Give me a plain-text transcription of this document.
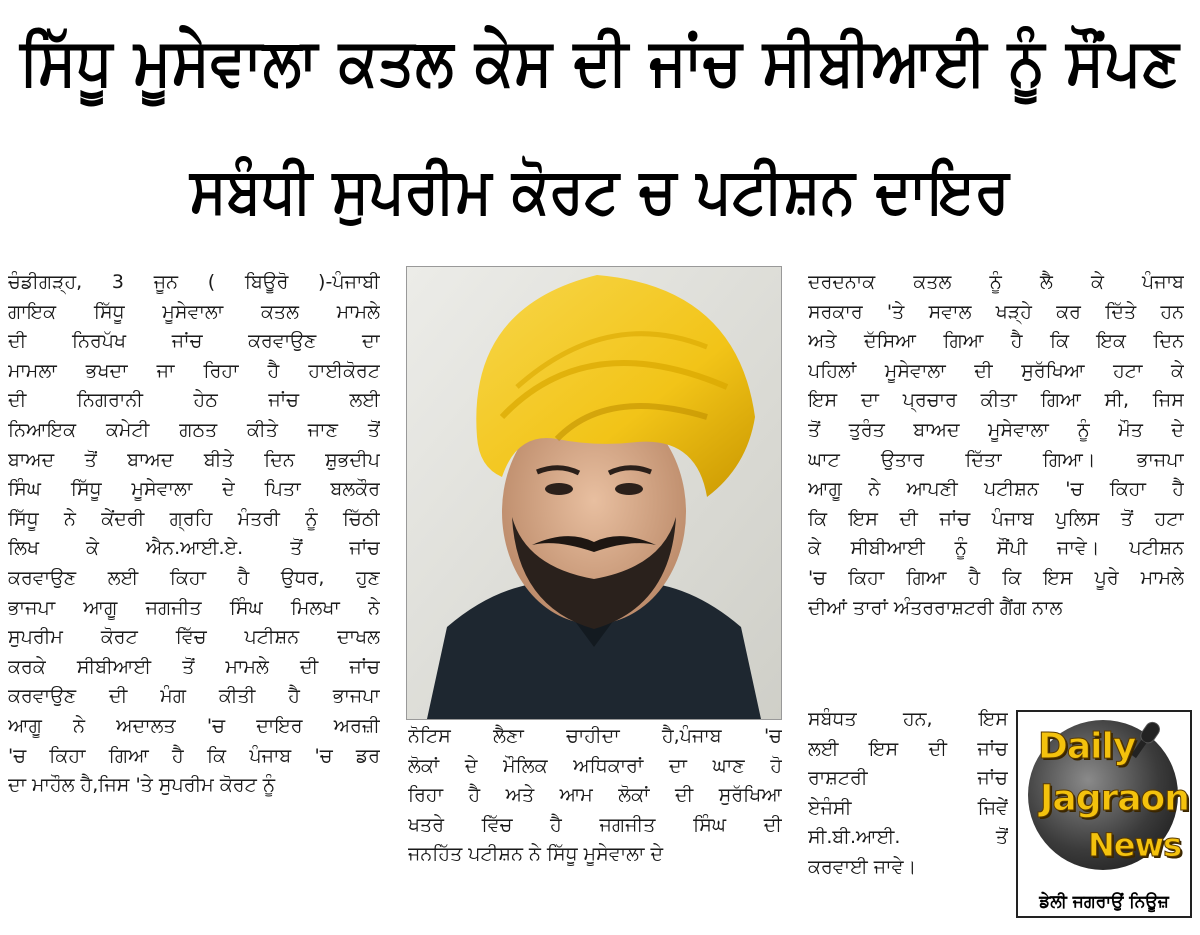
ਸਿੱਧੂ ਮੂਸੇਵਾਲਾ ਕਤਲ ਕੇਸ ਦੀ ਜਾਂਚ ਸੀਬੀਆਈ ਨੂੰ ਸੌਂਪਣ
ਸਬੰਧੀ ਸੁਪਰੀਮ ਕੋਰਟ ਚ ਪਟੀਸ਼ਨ ਦਾਇਰ
ਚੰਡੀਗੜ੍ਹ, 3 ਜੂਨ ( ਬਿਊਰੋ )-ਪੰਜਾਬੀ
ਗਾਇਕ ਸਿੱਧੂ ਮੂਸੇਵਾਲਾ ਕਤਲ ਮਾਮਲੇ
ਦੀ ਨਿਰਪੱਖ ਜਾਂਚ ਕਰਵਾਉਣ ਦਾ
ਮਾਮਲਾ ਭਖਦਾ ਜਾ ਰਿਹਾ ਹੈ ਹਾਈਕੋਰਟ
ਦੀ ਨਿਗਰਾਨੀ ਹੇਠ ਜਾਂਚ ਲਈ
ਨਿਆਇਕ ਕਮੇਟੀ ਗਠਤ ਕੀਤੇ ਜਾਣ ਤੋਂ
ਬਾਅਦ ਤੋਂ ਬਾਅਦ ਬੀਤੇ ਦਿਨ ਸ਼ੁਭਦੀਪ
ਸਿੰਘ ਸਿੱਧੂ ਮੂਸੇਵਾਲਾ ਦੇ ਪਿਤਾ ਬਲਕੌਰ
ਸਿੱਧੂ ਨੇ ਕੇਂਦਰੀ ਗ੍ਰਹਿ ਮੰਤਰੀ ਨੂੰ ਚਿੱਠੀ
ਲਿਖ ਕੇ ਐਨ.ਆਈ.ਏ. ਤੋਂ ਜਾਂਚ
ਕਰਵਾਉਣ ਲਈ ਕਿਹਾ ਹੈ ਉਧਰ, ਹੁਣ
ਭਾਜਪਾ ਆਗੂ ਜਗਜੀਤ ਸਿੰਘ ਮਿਲਖਾ ਨੇ
ਸੁਪਰੀਮ ਕੋਰਟ ਵਿੱਚ ਪਟੀਸ਼ਨ ਦਾਖਲ
ਕਰਕੇ ਸੀਬੀਆਈ ਤੋਂ ਮਾਮਲੇ ਦੀ ਜਾਂਚ
ਕਰਵਾਉਣ ਦੀ ਮੰਗ ਕੀਤੀ ਹੈ ਭਾਜਪਾ
ਆਗੂ ਨੇ ਅਦਾਲਤ 'ਚ ਦਾਇਰ ਅਰਜ਼ੀ
'ਚ ਕਿਹਾ ਗਿਆ ਹੈ ਕਿ ਪੰਜਾਬ 'ਚ ਡਰ
ਦਾ ਮਾਹੌਲ ਹੈ,ਜਿਸ 'ਤੇ ਸੁਪਰੀਮ ਕੋਰਟ ਨੂੰ
ਨੋਟਿਸ ਲੈਣਾ ਚਾਹੀਦਾ ਹੈ,ਪੰਜਾਬ 'ਚ
ਲੋਕਾਂ ਦੇ ਮੌਲਿਕ ਅਧਿਕਾਰਾਂ ਦਾ ਘਾਣ ਹੋ
ਰਿਹਾ ਹੈ ਅਤੇ ਆਮ ਲੋਕਾਂ ਦੀ ਸੁਰੱਖਿਆ
ਖਤਰੇ ਵਿੱਚ ਹੈ ਜਗਜੀਤ ਸਿੰਘ ਦੀ
ਜਨਹਿੱਤ ਪਟੀਸ਼ਨ ਨੇ ਸਿੱਧੂ ਮੂਸੇਵਾਲਾ ਦੇ
ਦਰਦਨਾਕ ਕਤਲ ਨੂੰ ਲੈ ਕੇ ਪੰਜਾਬ
ਸਰਕਾਰ 'ਤੇ ਸਵਾਲ ਖੜ੍ਹੇ ਕਰ ਦਿੱਤੇ ਹਨ
ਅਤੇ ਦੱਸਿਆ ਗਿਆ ਹੈ ਕਿ ਇਕ ਦਿਨ
ਪਹਿਲਾਂ ਮੂਸੇਵਾਲਾ ਦੀ ਸੁਰੱਖਿਆ ਹਟਾ ਕੇ
ਇਸ ਦਾ ਪ੍ਰਚਾਰ ਕੀਤਾ ਗਿਆ ਸੀ, ਜਿਸ
ਤੋਂ ਤੁਰੰਤ ਬਾਅਦ ਮੂਸੇਵਾਲਾ ਨੂੰ ਮੌਤ ਦੇ
ਘਾਟ ਉਤਾਰ ਦਿੱਤਾ ਗਿਆ। ਭਾਜਪਾ
ਆਗੂ ਨੇ ਆਪਣੀ ਪਟੀਸ਼ਨ 'ਚ ਕਿਹਾ ਹੈ
ਕਿ ਇਸ ਦੀ ਜਾਂਚ ਪੰਜਾਬ ਪੁਲਿਸ ਤੋਂ ਹਟਾ
ਕੇ ਸੀਬੀਆਈ ਨੂੰ ਸੌਂਪੀ ਜਾਵੇ। ਪਟੀਸ਼ਨ
'ਚ ਕਿਹਾ ਗਿਆ ਹੈ ਕਿ ਇਸ ਪੂਰੇ ਮਾਮਲੇ
ਦੀਆਂ ਤਾਰਾਂ ਅੰਤਰਰਾਸ਼ਟਰੀ ਗੈਂਗ ਨਾਲ
ਸਬੰਧਤ ਹਨ, ਇਸ
ਲਈ ਇਸ ਦੀ ਜਾਂਚ
ਰਾਸ਼ਟਰੀ ਜਾਂਚ
ਏਜੰਸੀ ਜਿਵੇਂ
ਸੀ.ਬੀ.ਆਈ. ਤੋਂ
ਕਰਵਾਈ ਜਾਵੇ।
Daily
Jagraon
News
ਡੇਲੀ ਜਗਰਾਉਂ ਨਿਊਜ਼
